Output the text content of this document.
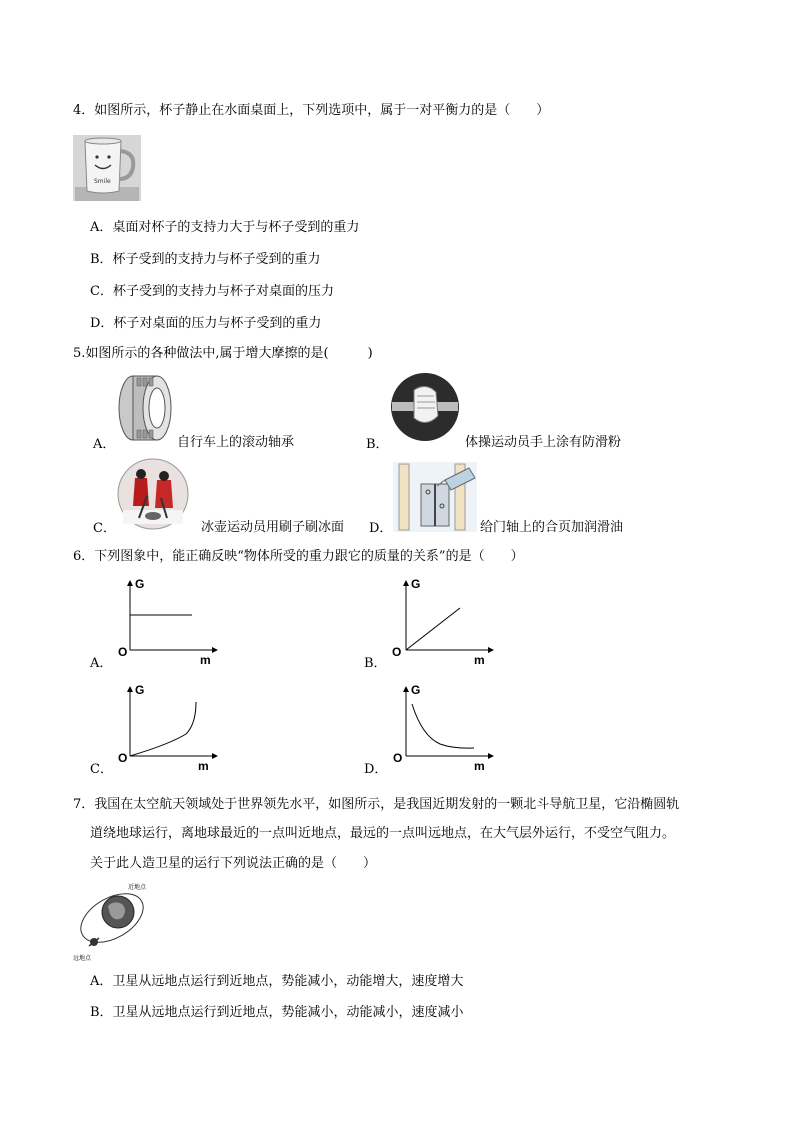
4．如图所示，杯子静止在水面桌面上，下列选项中，属于一对平衡力的是（　　）
Smile
A．桌面对杯子的支持力大于与杯子受到的重力
B．杯子受到的支持力与杯子受到的重力
C．杯子受到的支持力与杯子对桌面的压力
D．杯子对桌面的压力与杯子受到的重力
5.如图所示的各种做法中,属于增大摩擦的是(　　　)
A．	自行车上的滚动轴承	B．	体操运动员手上涂有防滑粉
C．	冰壶运动员用刷子刷冰面 D．	给门轴上的合页加润滑油
6．下列图象中，能正确反映“物体所受的重力跟它的质量的关系”的是（　　）
G
O
m
A．
G
O
m
B．
G
O
m
C．
G
O
m
D．
7．我国在太空航天领域处于世界领先水平，如图所示，是我国近期发射的一颗北斗导航卫星，它沿椭圆轨
道绕地球运行，离地球最近的一点叫近地点，最远的一点叫远地点，在大气层外运行，不受空气阻力。
关于此人造卫星的运行下列说法正确的是（　　）
近地点
远地点
A．卫星从远地点运行到近地点，势能减小，动能增大，速度增大
B．卫星从远地点运行到近地点，势能减小，动能减小，速度减小
